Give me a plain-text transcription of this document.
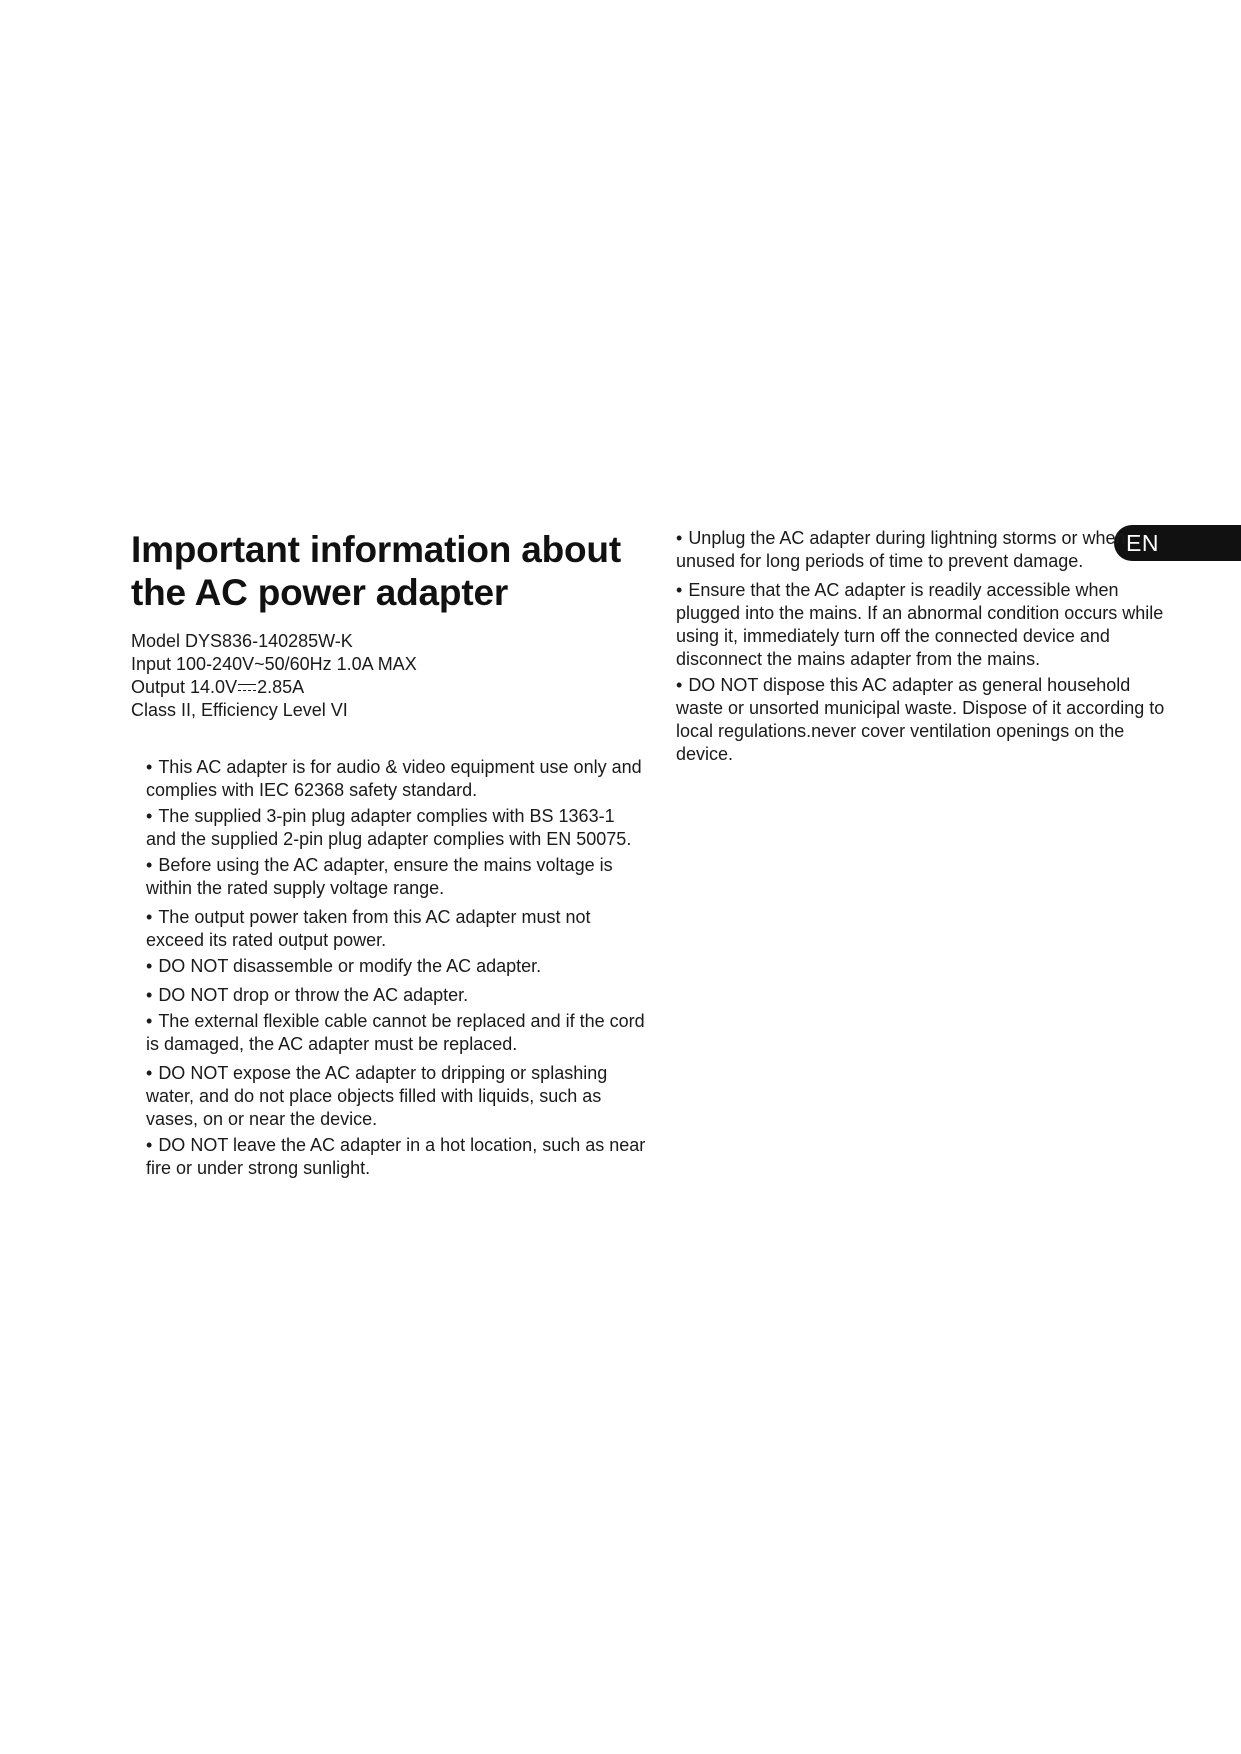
EN
Important information about
the AC power adapter
Model DYS836-140285W-K
Input 100-240V~50/60Hz 1.0A MAX
Output 14.0V 2.85A
Class II, Efficiency Level VI

• This AC adapter is for audio & video equipment use only and complies with IEC 62368 safety standard.

• The supplied 3-pin plug adapter complies with BS 1363-1 and the supplied 2-pin plug adapter complies with EN 50075.

• Before using the AC adapter, ensure the mains voltage is within the rated supply voltage range.

• The output power taken from this AC adapter must not exceed its rated output power.

• DO NOT disassemble or modify the AC adapter.

• DO NOT drop or throw the AC adapter.

• The external flexible cable cannot be replaced and if the cord is damaged, the AC adapter must be replaced.

• DO NOT expose the AC adapter to dripping or splashing water, and do not place objects filled with liquids, such as vases, on or near the device.

• DO NOT leave the AC adapter in a hot location, such as near fire or under strong sunlight.

• Unplug the AC adapter during lightning storms or when unused for long periods of time to prevent damage.

• Ensure that the AC adapter is readily accessible when plugged into the mains. If an abnormal condition occurs while using it, immediately turn off the connected device and disconnect the mains adapter from the mains.

• DO NOT dispose this AC adapter as general household waste or unsorted municipal waste. Dispose of it according to local regulations.never cover ventilation openings on the device.
